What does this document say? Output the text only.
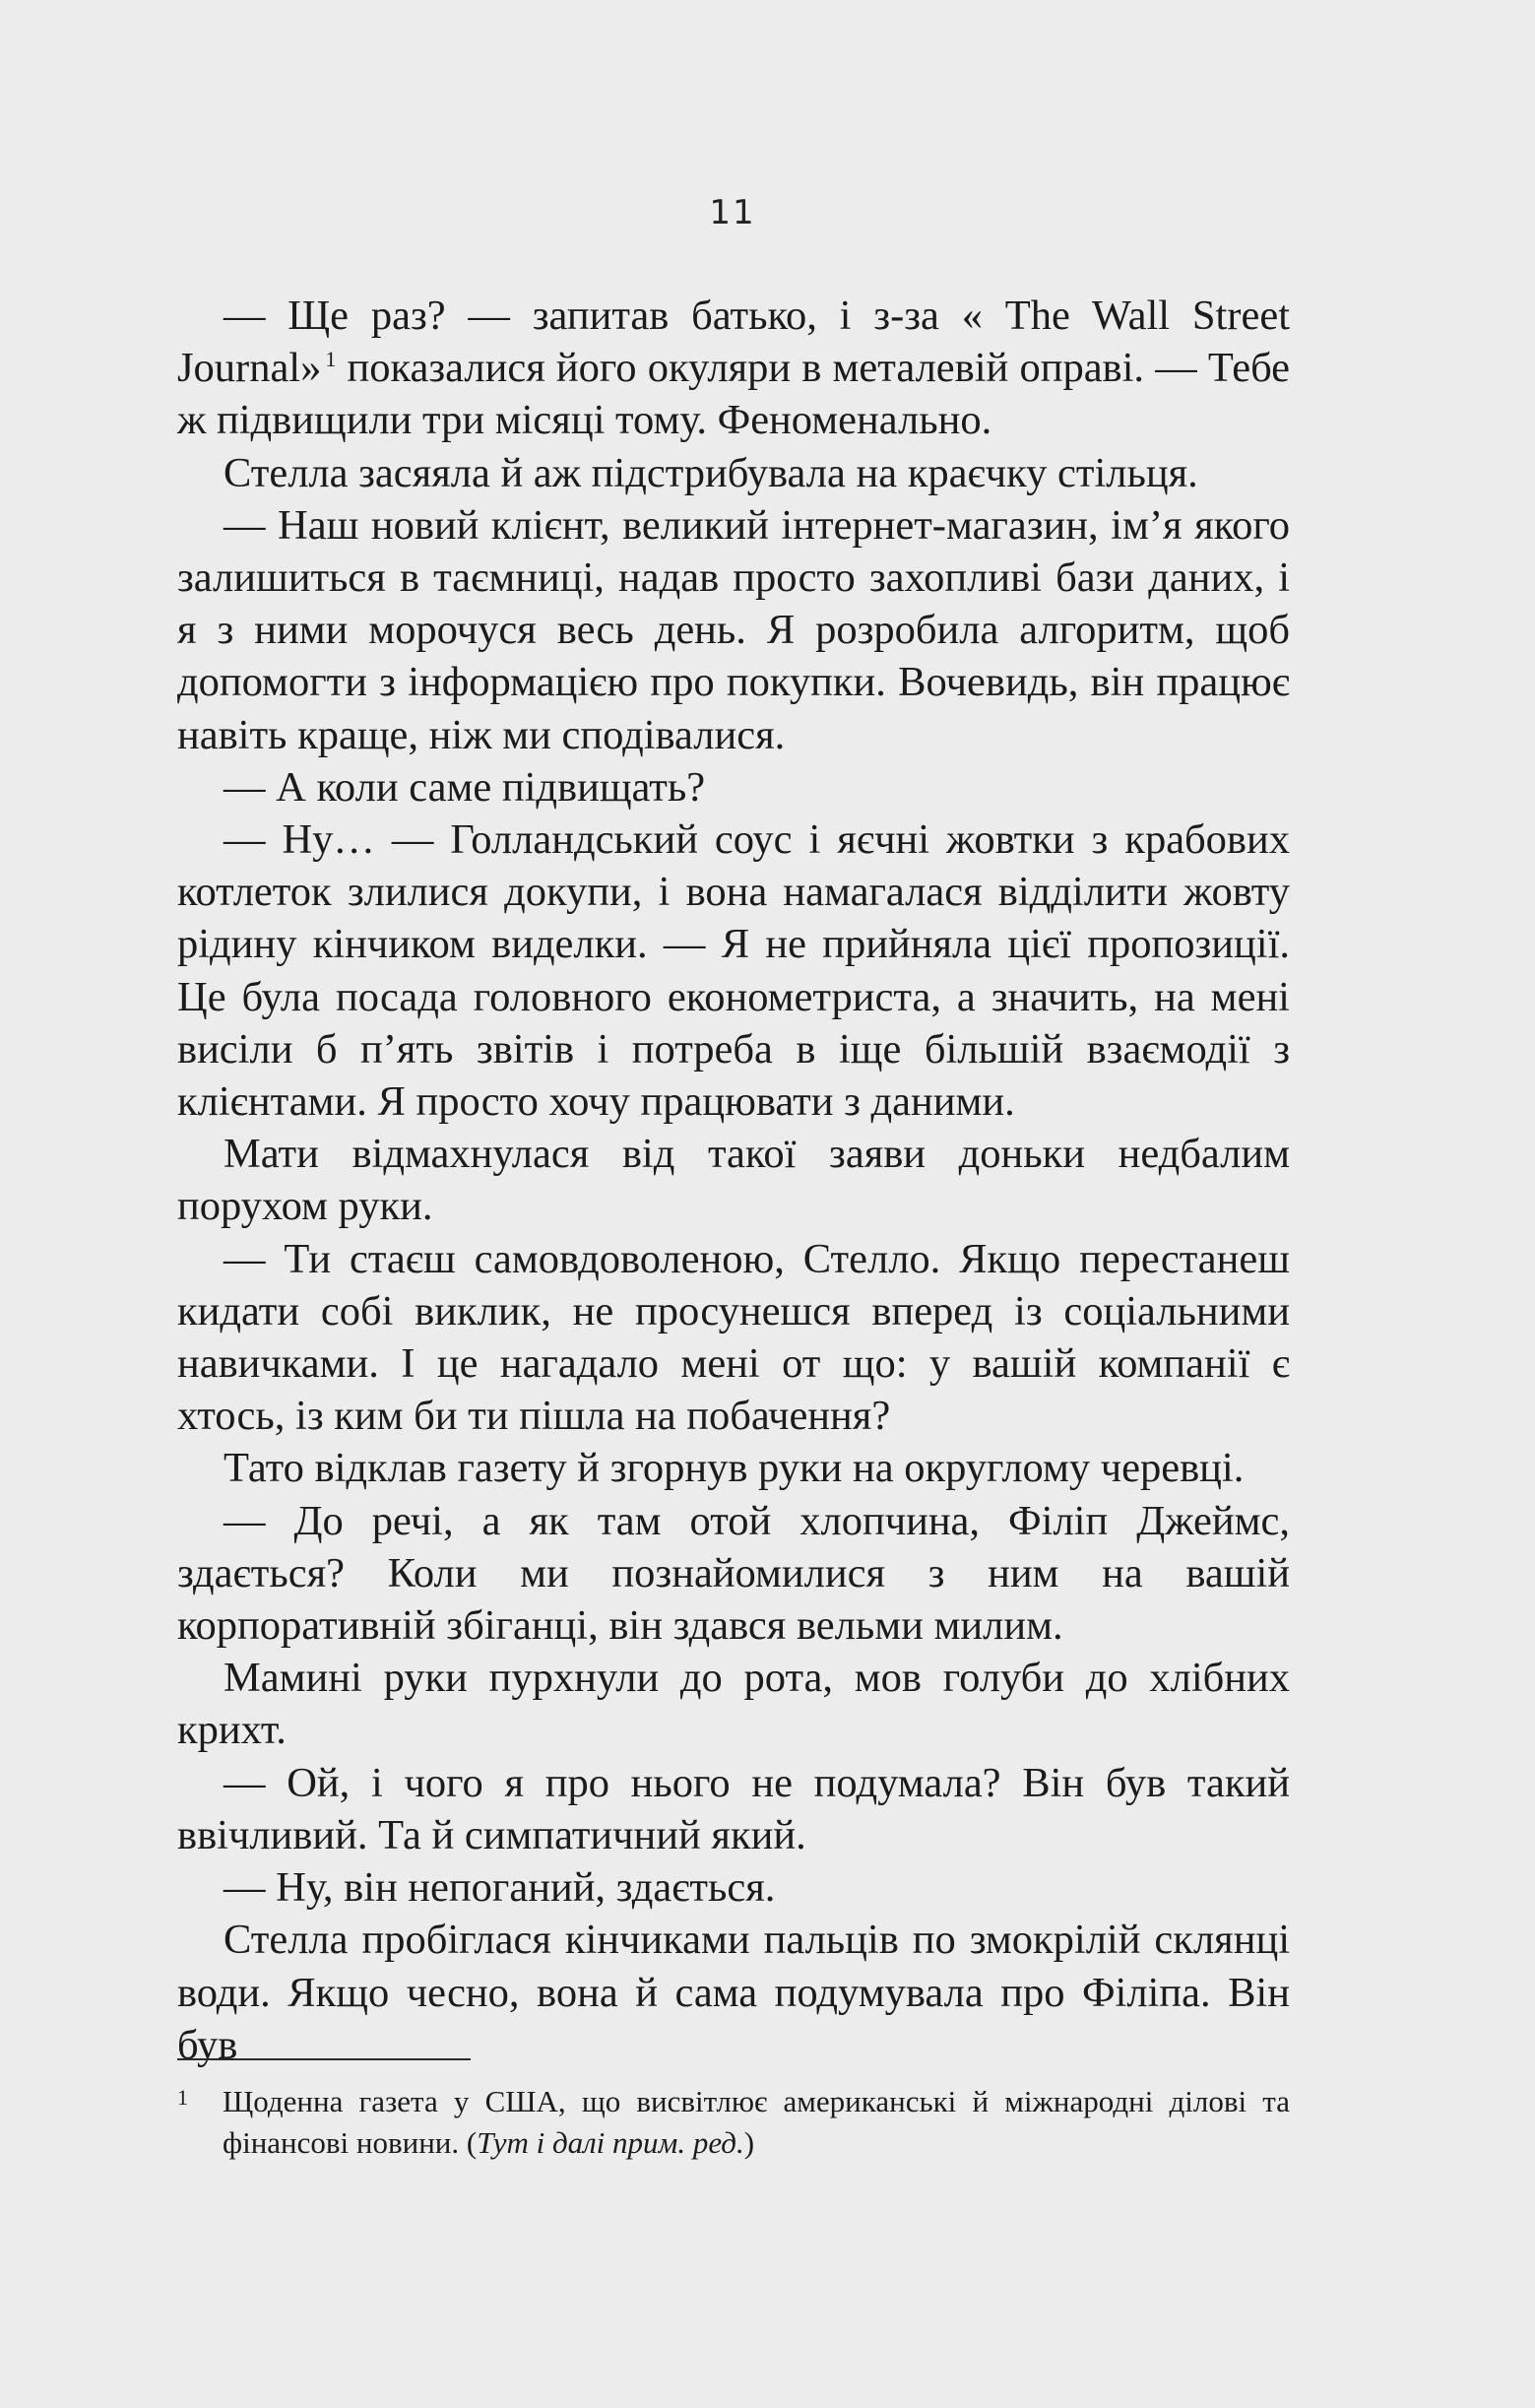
11

— Ще раз? — запитав батько, і з-за « The Wall Street Journal» $^1$ показалися його окуляри в металевій оправі. — Тебе ж підвищили три місяці тому. Феноменально.

Стелла засяяла й аж підстрибувала на краєчку стільця.

— Наш новий клієнт, великий інтернет-магазин, ім’я якого залишиться в таємниці, надав просто захопливі бази даних, і я з ними морочуся весь день. Я розробила алгоритм, щоб допомогти з інформацією про покупки. Вочевидь, він працює навіть краще, ніж ми сподівалися.

— А коли саме підвищать?

— Ну… — Голландський соус і яєчні жовтки з крабових котлеток злилися докупи, і вона намагалася відділити жовту рідину кінчиком виделки. — Я не прийняла цієї пропозиції. Це була посада головного економетриста, а значить, на мені висіли б п’ять звітів і потреба в іще більшій взаємодії з клієнтами. Я просто хочу працювати з даними.

Мати відмахнулася від такої заяви доньки недбалим порухом руки.

— Ти стаєш самовдоволеною, Стелло. Якщо перестанеш кидати собі виклик, не просунешся вперед із соціальними навичками. І це нагадало мені от що: у вашій компанії є хтось, із ким би ти пішла на побачення?

Тато відклав газету й згорнув руки на округлому черевці.

— До речі, а як там отой хлопчина, Філіп Джеймс, здається? Коли ми познайомилися з ним на вашій корпоративній збіганці, він здався вельми милим.

Мамині руки пурхнули до рота, мов голуби до хлібних крихт.

— Ой, і чого я про нього не подумала? Він був такий ввічливий. Та й симпатичний який.

— Ну, він непоганий, здається.

Стелла пробіглася кінчиками пальців по змокрілій склянці води. Якщо чесно, вона й сама подумувала про Філіпа. Він був

1 Щоденна газета у США, що висвітлює американські й міжнародні ділові та фінансові новини. (Тут і далі прим. ред.)
